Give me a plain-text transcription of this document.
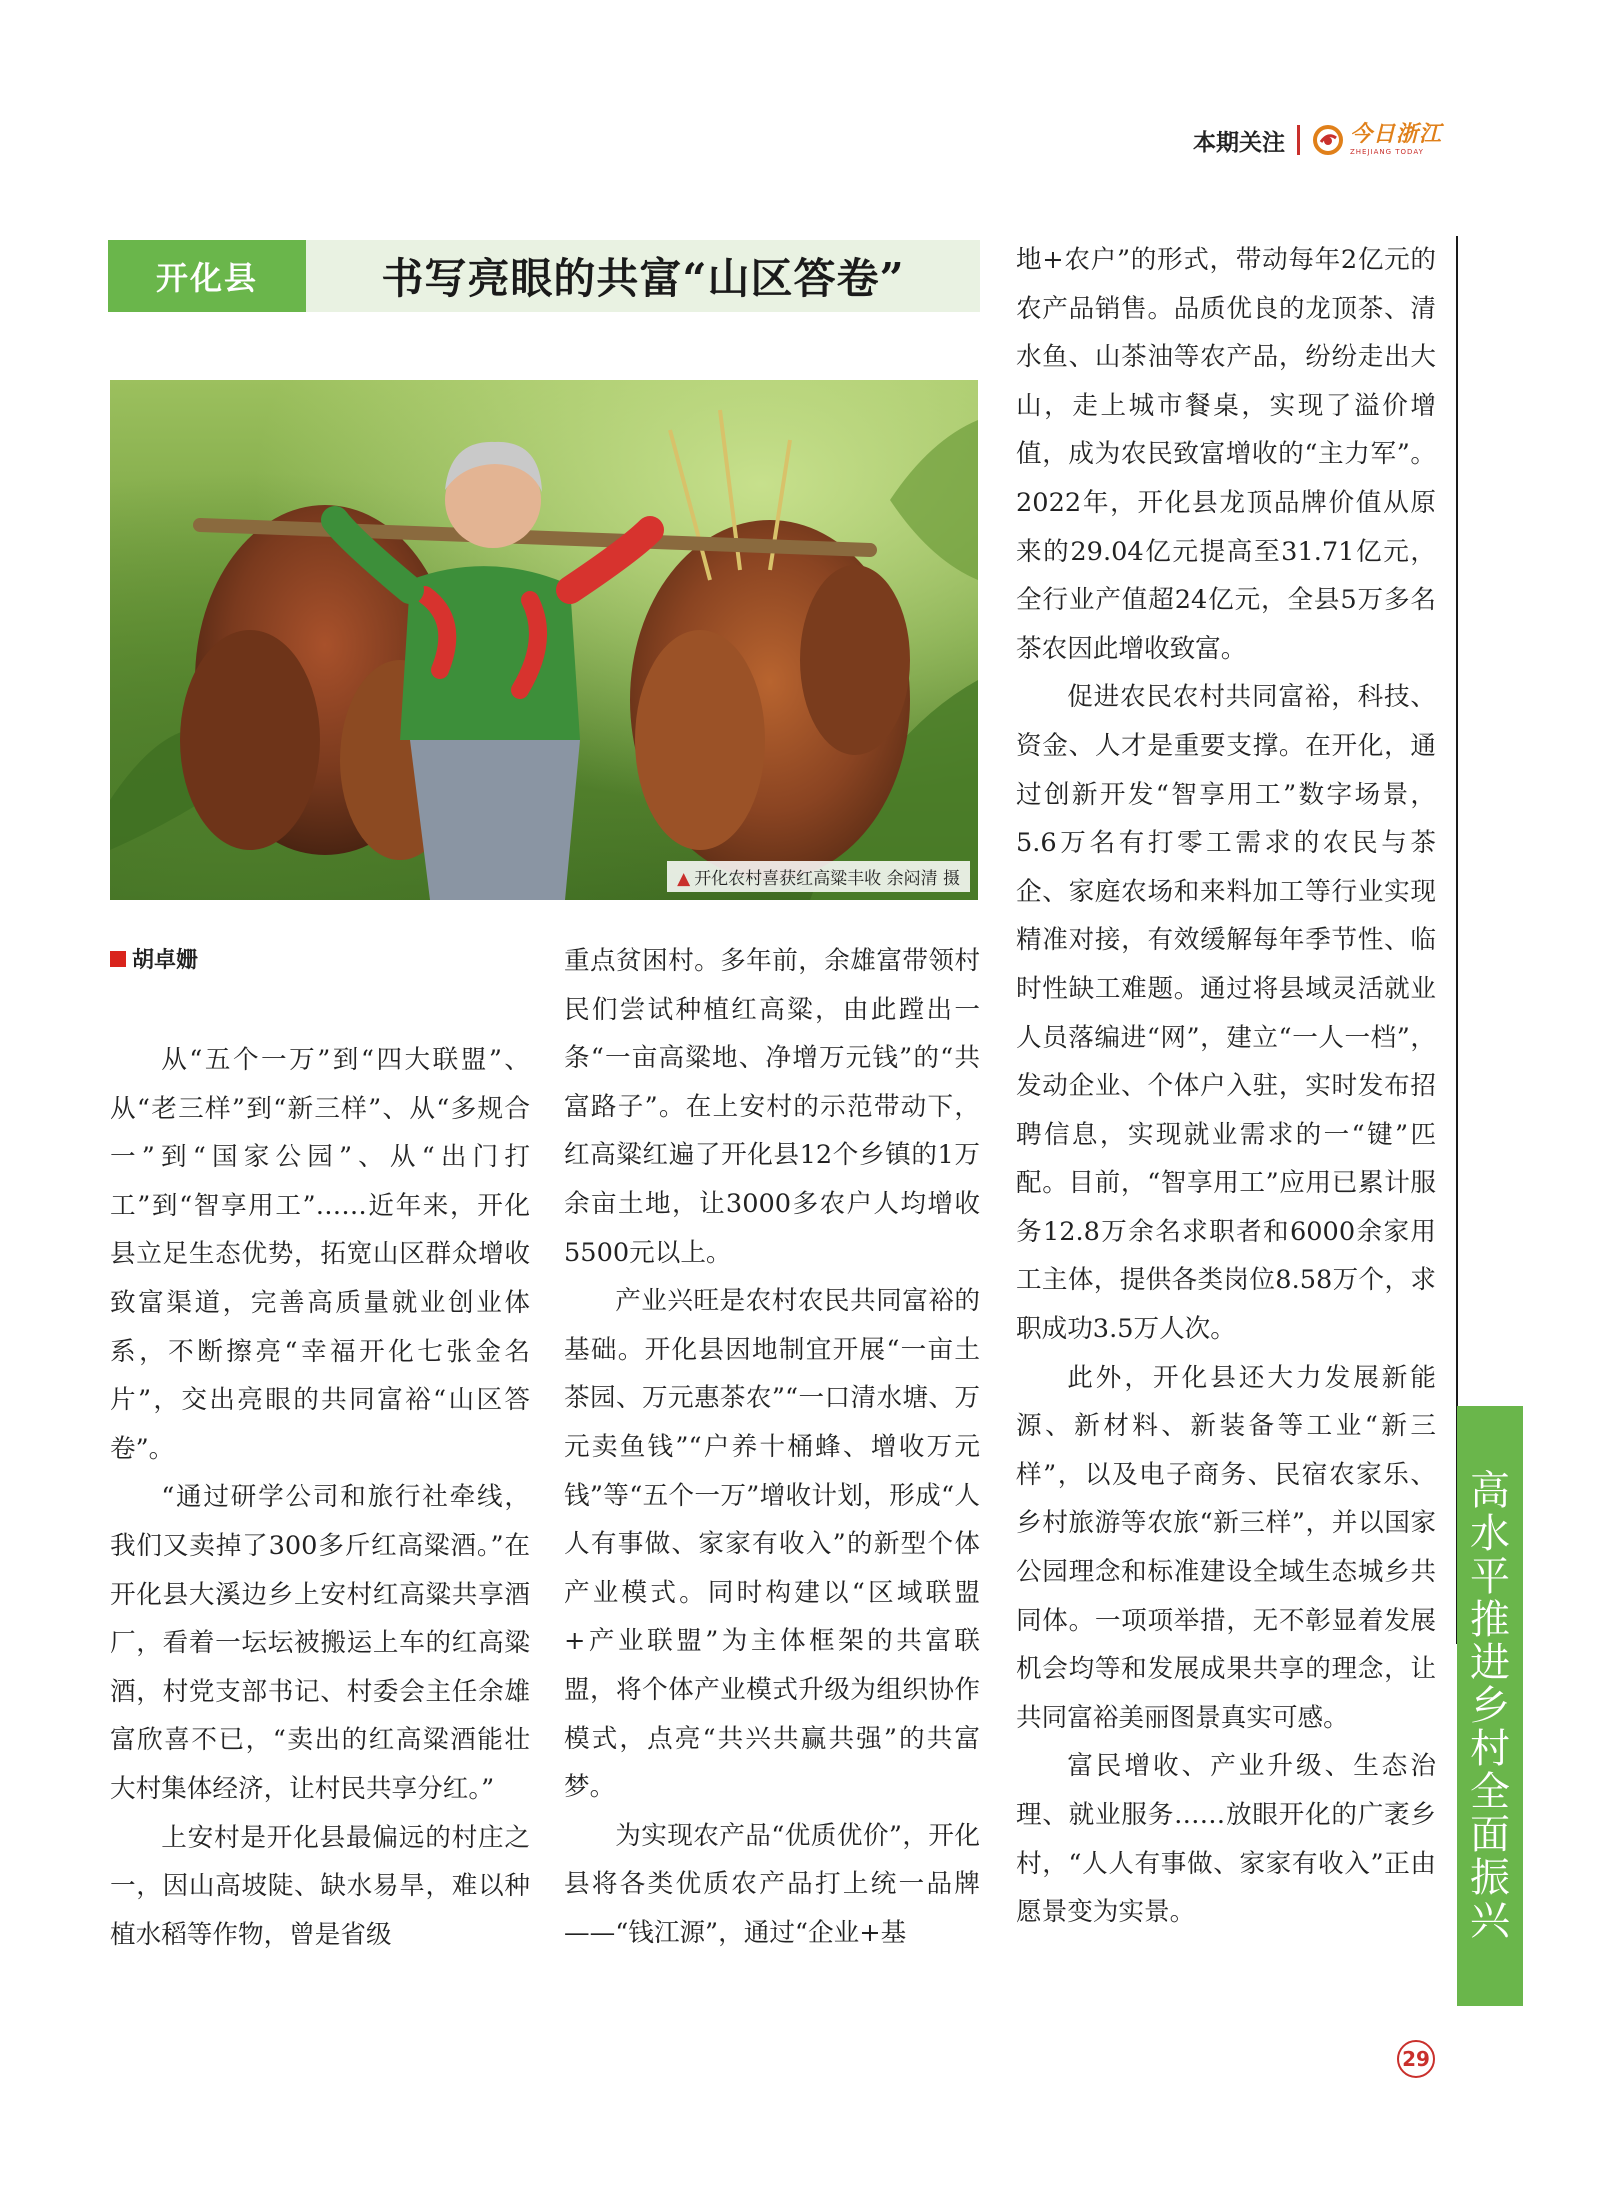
本期关注	今日浙江
ZHEJIANG TODAY
开化县	书写亮眼的共富“山区答卷”
▲ 开化农村喜获红高粱丰收 余闷清 摄
胡卓姗

从“五个一万”到“四大联盟”、从“老三样”到“新三样”、从“多规合一”到“国家公园”、从“出门打工”到“智享用工”……近年来，开化县立足生态优势，拓宽山区群众增收致富渠道，完善高质量就业创业体系，不断擦亮“幸福开化七张金名片”，交出亮眼的共同富裕“山区答卷”。

“通过研学公司和旅行社牵线，我们又卖掉了300多斤红高粱酒。”在开化县大溪边乡上安村红高粱共享酒厂，看着一坛坛被搬运上车的红高粱酒，村党支部书记、村委会主任余雄富欣喜不已，“卖出的红高粱酒能壮大村集体经济，让村民共享分红。”

上安村是开化县最偏远的村庄之一，因山高坡陡、缺水易旱，难以种植水稻等作物，曾是省级

重点贫困村。多年前，余雄富带领村民们尝试种植红高粱，由此蹚出一条“一亩高粱地、净增万元钱”的“共富路子”。在上安村的示范带动下，红高粱红遍了开化县12个乡镇的1万余亩土地，让3000多农户人均增收5500元以上。

产业兴旺是农村农民共同富裕的基础。开化县因地制宜开展“一亩土茶园、万元惠茶农”“一口清水塘、万元卖鱼钱”“户养十桶蜂、增收万元钱”等“五个一万”增收计划，形成“人人有事做、家家有收入”的新型个体产业模式。同时构建以“区域联盟+产业联盟”为主体框架的共富联盟，将个体产业模式升级为组织协作模式，点亮“共兴共赢共强”的共富梦。

为实现农产品“优质优价”，开化县将各类优质农产品打上统一品牌——“钱江源”，通过“企业+基

地+农户”的形式，带动每年2亿元的农产品销售。品质优良的龙顶茶、清水鱼、山茶油等农产品，纷纷走出大山，走上城市餐桌，实现了溢价增值，成为农民致富增收的“主力军”。2022年，开化县龙顶品牌价值从原来的29.04亿元提高至31.71亿元，全行业产值超24亿元，全县5万多名茶农因此增收致富。

促进农民农村共同富裕，科技、资金、人才是重要支撑。在开化，通过创新开发“智享用工”数字场景，5.6万名有打零工需求的农民与茶企、家庭农场和来料加工等行业实现精准对接，有效缓解每年季节性、临时性缺工难题。通过将县域灵活就业人员落编进“网”，建立“一人一档”，发动企业、个体户入驻，实时发布招聘信息，实现就业需求的一“键”匹配。目前，“智享用工”应用已累计服务12.8万余名求职者和6000余家用工主体，提供各类岗位8.58万个，求职成功3.5万人次。

此外，开化县还大力发展新能源、新材料、新装备等工业“新三样”，以及电子商务、民宿农家乐、乡村旅游等农旅“新三样”，并以国家公园理念和标准建设全域生态城乡共同体。一项项举措，无不彰显着发展机会均等和发展成果共享的理念，让共同富裕美丽图景真实可感。

富民增收、产业升级、生态治理、就业服务……放眼开化的广袤乡村，“人人有事做、家家有收入”正由愿景变为实景。

高
水
平
推
进
乡
村
全
面
振
兴
29
